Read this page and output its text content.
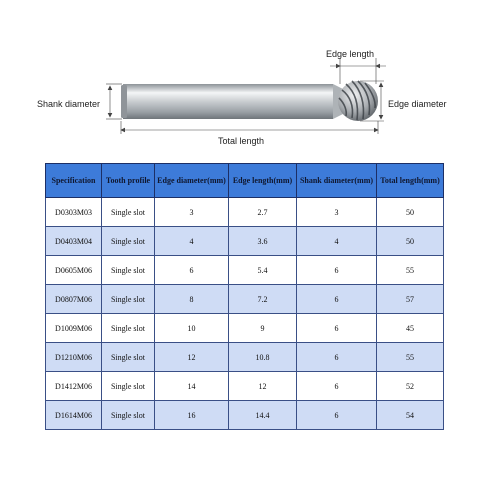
Edge length
Shank diameter	Edge diameter
Total length
Specification	Tooth profile	Edge diameter(mm)	Edge length(mm)	Shank diameter(mm)	Total length(mm)
D0303M03	Single slot	3	2.7	3	50
D0403M04	Single slot	4	3.6	4	50
D0605M06	Single slot	6	5.4	6	55
D0807M06	Single slot	8	7.2	6	57
D1009M06	Single slot	10	9	6	45
D1210M06	Single slot	12	10.8	6	55
D1412M06	Single slot	14	12	6	52
D1614M06	Single slot	16	14.4	6	54
